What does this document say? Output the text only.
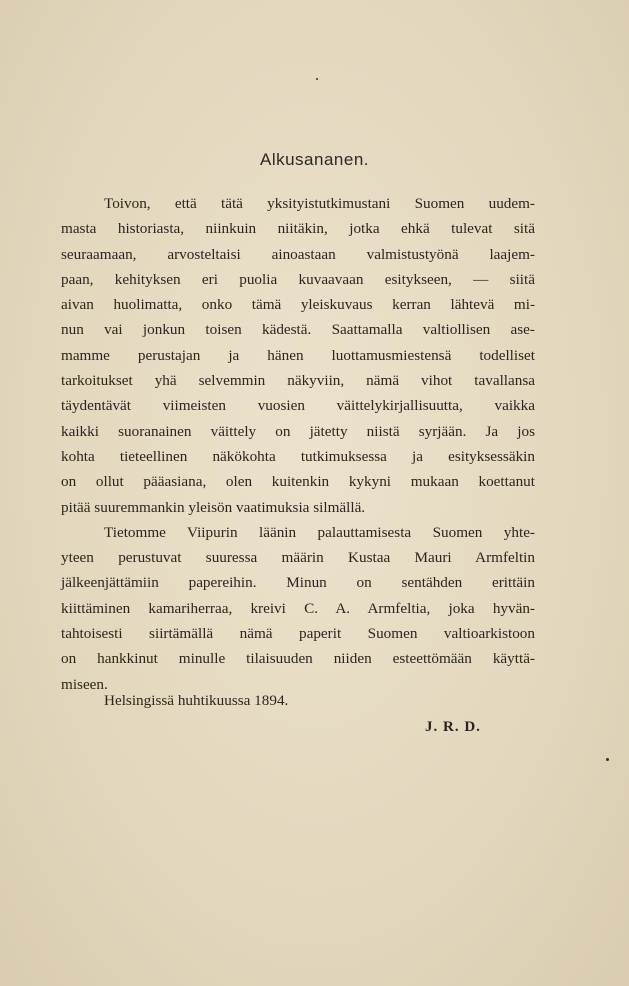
Alkusananen.
Toivon, että tätä yksityistutkimustani Suomen uudem-
masta historiasta, niinkuin niitäkin, jotka ehkä tulevat sitä
seuraamaan, arvosteltaisi ainoastaan valmistustyönä laajem-
paan, kehityksen eri puolia kuvaavaan esitykseen, — siitä
aivan huolimatta, onko tämä yleiskuvaus kerran lähtevä mi-
nun vai jonkun toisen kädestä. Saattamalla valtiollisen ase-
mamme perustajan ja hänen luottamusmiestensä todelliset
tarkoitukset yhä selvemmin näkyviin, nämä vihot tavallansa
täydentävät viimeisten vuosien väittelykirjallisuutta, vaikka
kaikki suoranainen väittely on jätetty niistä syrjään. Ja jos
kohta tieteellinen näkökohta tutkimuksessa ja esityksessäkin
on ollut pääasiana, olen kuitenkin kykyni mukaan koettanut
pitää suuremmankin yleisön vaatimuksia silmällä.
Tietomme Viipurin läänin palauttamisesta Suomen yhte-
yteen perustuvat suuressa määrin Kustaa Mauri Armfeltin
jälkeenjättämiin papereihin. Minun on sentähden erittäin
kiittäminen kamariherraa, kreivi C. A. Armfeltia, joka hyvän-
tahtoisesti siirtämällä nämä paperit Suomen valtioarkistoon
on hankkinut minulle tilaisuuden niiden esteettömään käyttä-
miseen.
Helsingissä huhtikuussa 1894.
J. R. D.
